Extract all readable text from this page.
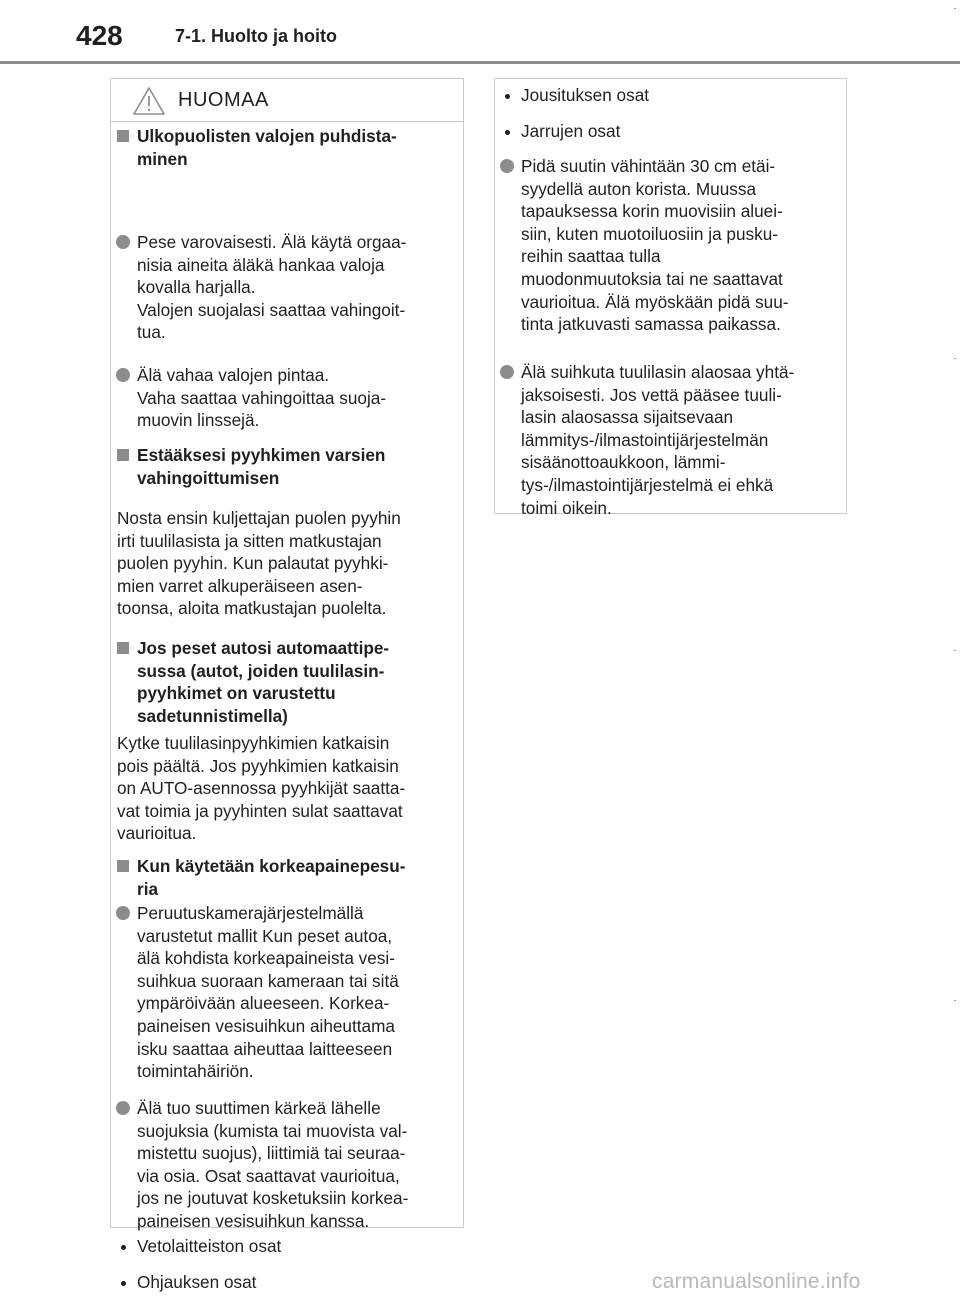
428	7-1. Huolto ja hoito
HUOMAA
Ulkopuolisten valojen puhdista-
minen
Pese varovaisesti. Älä käytä orgaa-
nisia aineita äläkä hankaa valoja
kovalla harjalla.
Valojen suojalasi saattaa vahingoit-
tua.
Älä vahaa valojen pintaa.
Vaha saattaa vahingoittaa suoja-
muovin linssejä.
Estääksesi pyyhkimen varsien
vahingoittumisen
Nosta ensin kuljettajan puolen pyyhin
irti tuulilasista ja sitten matkustajan
puolen pyyhin. Kun palautat pyyhki-
mien varret alkuperäiseen asen-
toonsa, aloita matkustajan puolelta.
Jos peset autosi automaattipe-
sussa (autot, joiden tuulilasin-
pyyhkimet on varustettu
sadetunnistimella)
Kytke tuulilasinpyyhkimien katkaisin
pois päältä. Jos pyyhkimien katkaisin
on AUTO-asennossa pyyhkijät saatta-
vat toimia ja pyyhinten sulat saattavat
vaurioitua.
Kun käytetään korkeapainepesu-
ria
Peruutuskamerajärjestelmällä
varustetut mallit Kun peset autoa,
älä kohdista korkeapaineista vesi-
suihkua suoraan kameraan tai sitä
ympäröivään alueeseen. Korkea-
paineisen vesisuihkun aiheuttama
isku saattaa aiheuttaa laitteeseen
toimintahäiriön.
Älä tuo suuttimen kärkeä lähelle
suojuksia (kumista tai muovista val-
mistettu suojus), liittimiä tai seuraa-
via osia. Osat saattavat vaurioitua,
jos ne joutuvat kosketuksiin korkea-
paineisen vesisuihkun kanssa.
Vetolaitteiston osat
Ohjauksen osat
Jousituksen osat
Jarrujen osat
Pidä suutin vähintään 30 cm etäi-
syydellä auton korista. Muussa
tapauksessa korin muovisiin aluei-
siin, kuten muotoiluosiin ja pusku-
reihin saattaa tulla
muodonmuutoksia tai ne saattavat
vaurioitua. Älä myöskään pidä suu-
tinta jatkuvasti samassa paikassa.
Älä suihkuta tuulilasin alaosaa yhtä-
jaksoisesti. Jos vettä pääsee tuuli-
lasin alaosassa sijaitsevaan
lämmitys-/ilmastointijärjestelmän
sisäänottoaukkoon, lämmi-
tys-/ilmastointijärjestelmä ei ehkä
toimi oikein.
carmanualsonline.info
